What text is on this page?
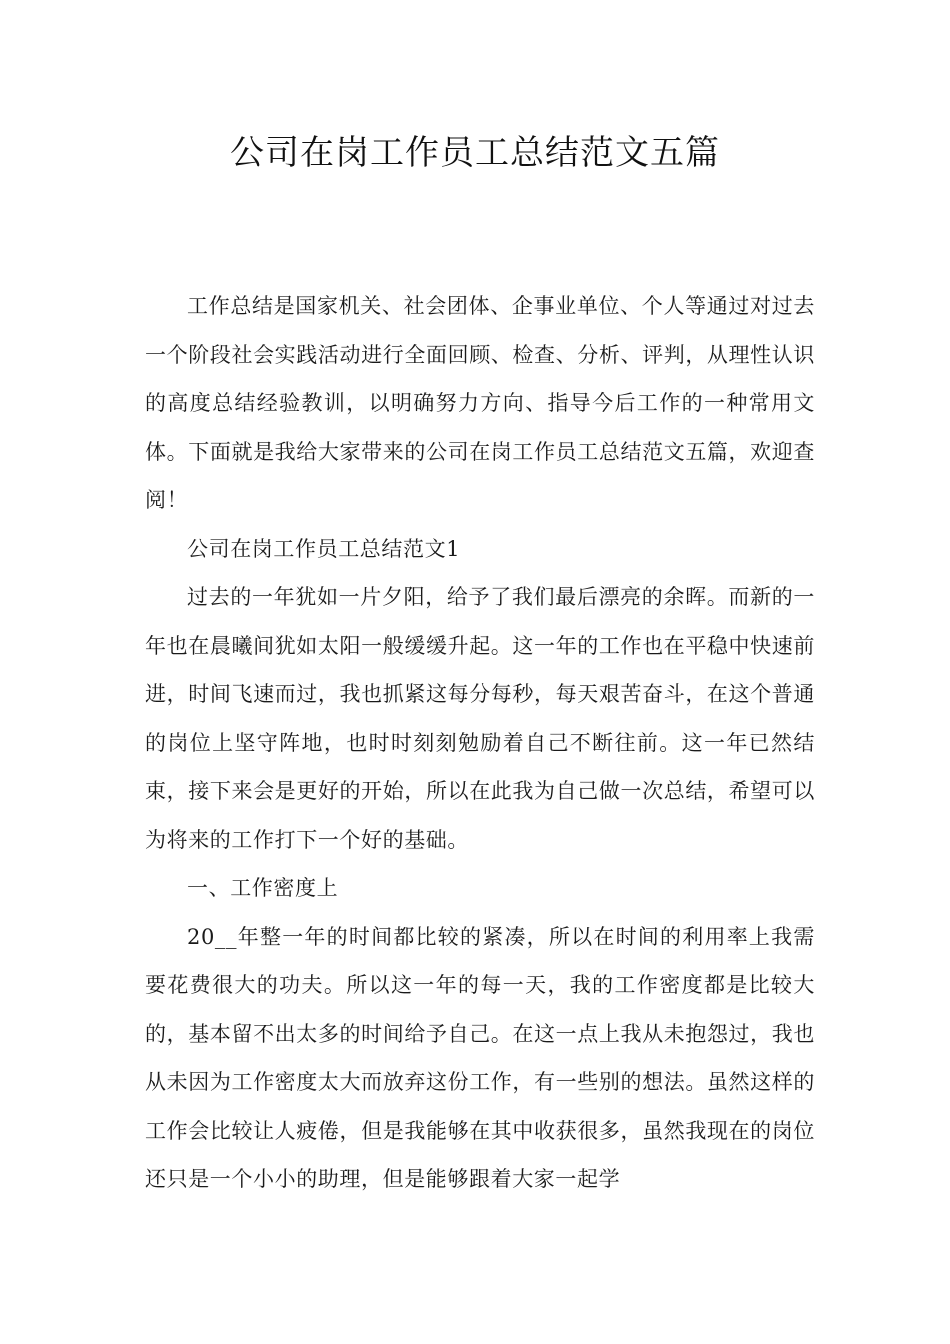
公司在岗工作员工总结范文五篇

工作总结是国家机关、社会团体、企事业单位、个人等通过对过去一个阶段社会实践活动进行全面回顾、检查、分析、评判，从理性认识的高度总结经验教训，以明确努力方向、指导今后工作的一种常用文体。下面就是我给大家带来的公司在岗工作员工总结范文五篇，欢迎查阅！

公司在岗工作员工总结范文1

过去的一年犹如一片夕阳，给予了我们最后漂亮的余晖。而新的一年也在晨曦间犹如太阳一般缓缓升起。这一年的工作也在平稳中快速前进，时间飞速而过，我也抓紧这每分每秒，每天艰苦奋斗，在这个普通的岗位上坚守阵地，也时时刻刻勉励着自己不断往前。这一年已然结束，接下来会是更好的开始，所以在此我为自己做一次总结，希望可以为将来的工作打下一个好的基础。

一、工作密度上

20__年整一年的时间都比较的紧凑，所以在时间的利用率上我需要花费很大的功夫。所以这一年的每一天，我的工作密度都是比较大的，基本留不出太多的时间给予自己。在这一点上我从未抱怨过，我也从未因为工作密度太大而放弃这份工作，有一些别的想法。虽然这样的工作会比较让人疲倦，但是我能够在其中收获很多，虽然我现在的岗位还只是一个小小的助理，但是能够跟着大家一起学
